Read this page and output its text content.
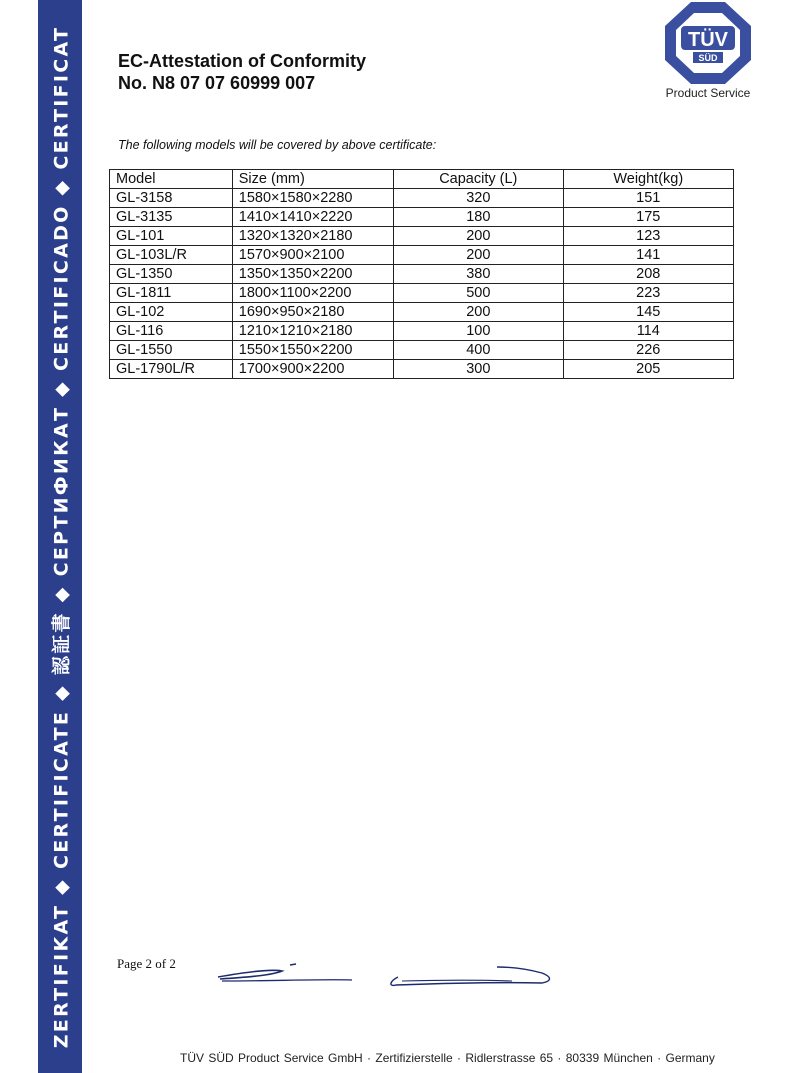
ZERTIFIKAT ◆ CERTIFICATE ◆ 認証書 ◆ СЕРТИФИКАТ ◆ CERTIFICADO ◆ CERTIFICAT	EC-Attestation of Conformity
No. N8 07 07 60999 007
TÜV
SÜD
Product Service
The following models will be covered by above certificate:
Model	Size (mm)	Capacity (L)	Weight(kg)
GL-3158	1580×1580×2280	320	151
GL-3135	1410×1410×2220	180	175
GL-101	1320×1320×2180	200	123
GL-103L/R	1570×900×2100	200	141
GL-1350	1350×1350×2200	380	208
GL-1811	1800×1100×2200	500	223
GL-102	1690×950×2180	200	145
GL-116	1210×1210×2180	100	114
GL-1550	1550×1550×2200	400	226
GL-1790L/R	1700×900×2200	300	205
Page 2 of 2
TÜV SÜD Product Service GmbH · Zertifizierstelle · Ridlerstrasse 65 · 80339 München · Germany
